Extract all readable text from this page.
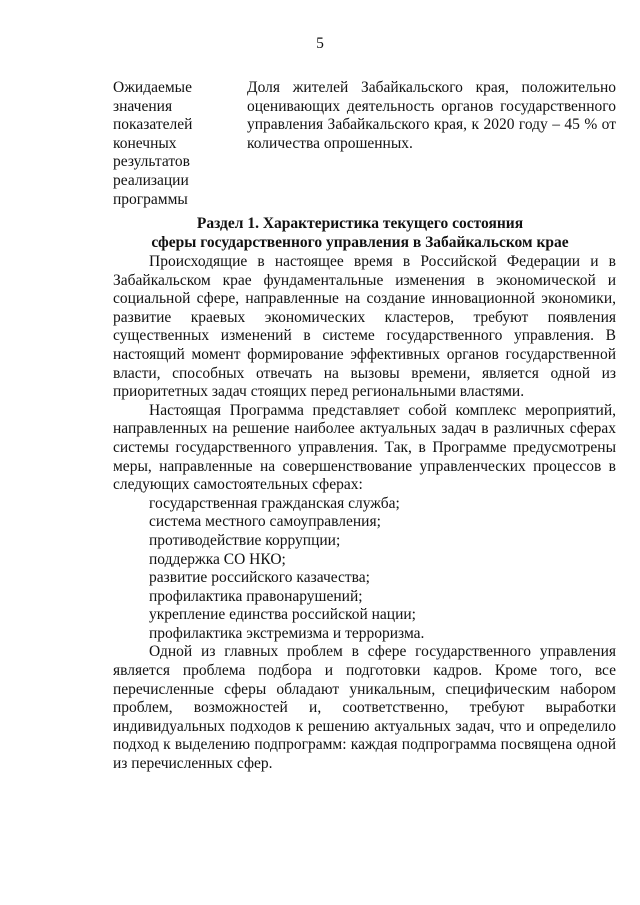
5
Ожидаемые
значения
показателей
конечных
результатов
реализации
программы
Доля жителей Забайкальского края, положительно
оценивающих деятельность органов государственного
управления Забайкальского края, к 2020 году – 45 % от
количества опрошенных.
Раздел 1. Характеристика текущего состояния
сферы государственного управления в Забайкальском крае
Происходящие в настоящее время в Российской Федерации и в
Забайкальском крае фундаментальные изменения в экономической и
социальной сфере, направленные на создание инновационной экономики,
развитие краевых экономических кластеров, требуют появления
существенных изменений в системе государственного управления. В
настоящий момент формирование эффективных органов государственной
власти, способных отвечать на вызовы времени, является одной из
приоритетных задач стоящих перед региональными властями.
Настоящая Программа представляет собой комплекс мероприятий,
направленных на решение наиболее актуальных задач в различных сферах
системы государственного управления. Так, в Программе предусмотрены
меры, направленные на совершенствование управленческих процессов в
следующих самостоятельных сферах:
государственная гражданская служба;
система местного самоуправления;
противодействие коррупции;
поддержка СО НКО;
развитие российского казачества;
профилактика правонарушений;
укрепление единства российской нации;
профилактика экстремизма и терроризма.
Одной из главных проблем в сфере государственного управления
является проблема подбора и подготовки кадров. Кроме того, все
перечисленные сферы обладают уникальным, специфическим набором
проблем, возможностей и, соответственно, требуют выработки
индивидуальных подходов к решению актуальных задач, что и определило
подход к выделению подпрограмм: каждая подпрограмма посвящена одной
из перечисленных сфер.
